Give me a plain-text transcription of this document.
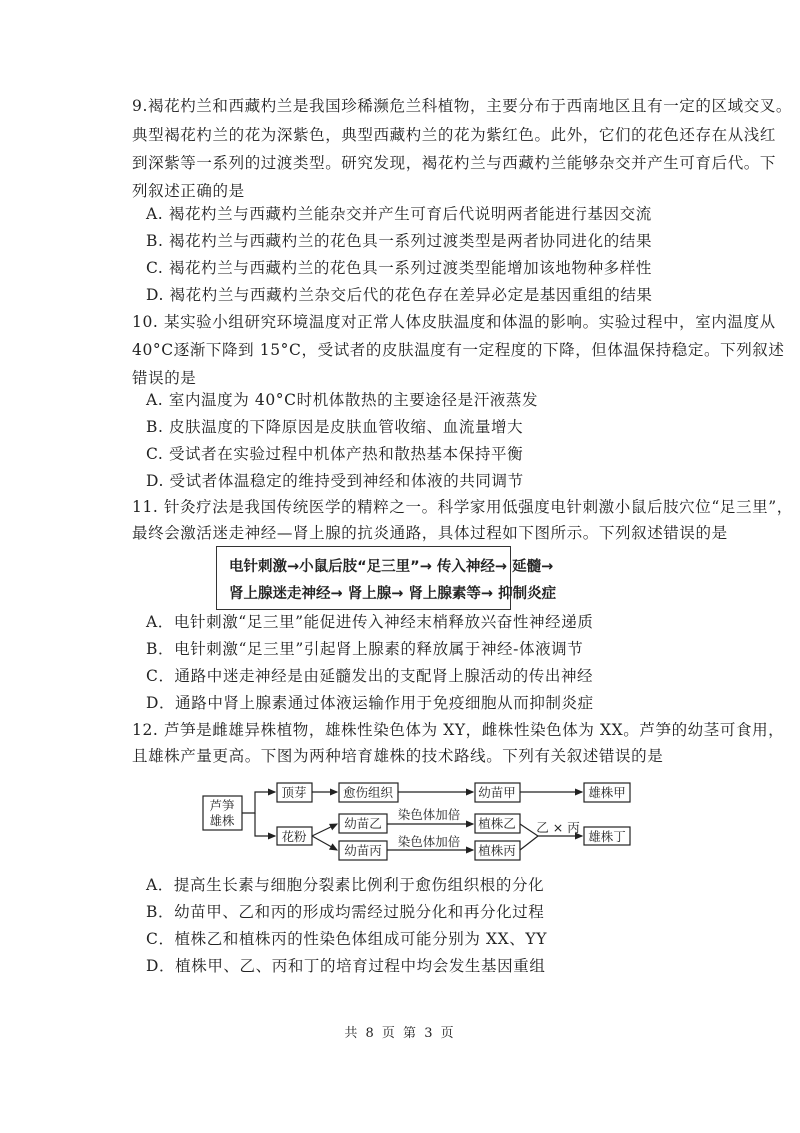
9.褐花杓兰和西藏杓兰是我国珍稀濒危兰科植物，主要分布于西南地区且有一定的区域交叉。
典型褐花杓兰的花为深紫色，典型西藏杓兰的花为紫红色。此外，它们的花色还存在从浅红
到深紫等一系列的过渡类型。研究发现，褐花杓兰与西藏杓兰能够杂交并产生可育后代。下
列叙述正确的是
A. 褐花杓兰与西藏杓兰能杂交并产生可育后代说明两者能进行基因交流
B. 褐花杓兰与西藏杓兰的花色具一系列过渡类型是两者协同进化的结果
C. 褐花杓兰与西藏杓兰的花色具一系列过渡类型能增加该地物种多样性
D. 褐花杓兰与西藏杓兰杂交后代的花色存在差异必定是基因重组的结果
10. 某实验小组研究环境温度对正常人体皮肤温度和体温的影响。实验过程中，室内温度从
40°C逐渐下降到 15°C，受试者的皮肤温度有一定程度的下降，但体温保持稳定。下列叙述
错误的是
A. 室内温度为 40°C时机体散热的主要途径是汗液蒸发
B. 皮肤温度的下降原因是皮肤血管收缩、血流量增大
C. 受试者在实验过程中机体产热和散热基本保持平衡
D. 受试者体温稳定的维持受到神经和体液的共同调节
11. 针灸疗法是我国传统医学的精粹之一。科学家用低强度电针刺激小鼠后肢穴位“足三里”，
最终会激活迷走神经—肾上腺的抗炎通路，具体过程如下图所示。下列叙述错误的是
电针刺激→小鼠后肢“足三里”→ 传入神经→ 延髓→
肾上腺迷走神经→ 肾上腺→ 肾上腺素等→ 抑制炎症
A．电针刺激“足三里”能促进传入神经末梢释放兴奋性神经递质
B．电针刺激“足三里”引起肾上腺素的释放属于神经-体液调节
C．通路中迷走神经是由延髓发出的支配肾上腺活动的传出神经
D．通路中肾上腺素通过体液运输作用于免疫细胞从而抑制炎症
12. 芦笋是雌雄异株植物，雄株性染色体为 XY，雌株性染色体为 XX。芦笋的幼茎可食用，
且雄株产量更高。下图为两种培育雄株的技术路线。下列有关叙述错误的是
芦笋
雄株
顶芽	愈伤组织	幼苗甲	雄株甲
花粉
幼苗乙
幼苗丙
植株乙
植株丙
雄株丁
染色体加倍
染色体加倍
乙 × 丙
A．提高生长素与细胞分裂素比例利于愈伤组织根的分化
B．幼苗甲、乙和丙的形成均需经过脱分化和再分化过程
C．植株乙和植株丙的性染色体组成可能分别为 XX、YY
D．植株甲、乙、丙和丁的培育过程中均会发生基因重组
共 8 页 第 3 页
